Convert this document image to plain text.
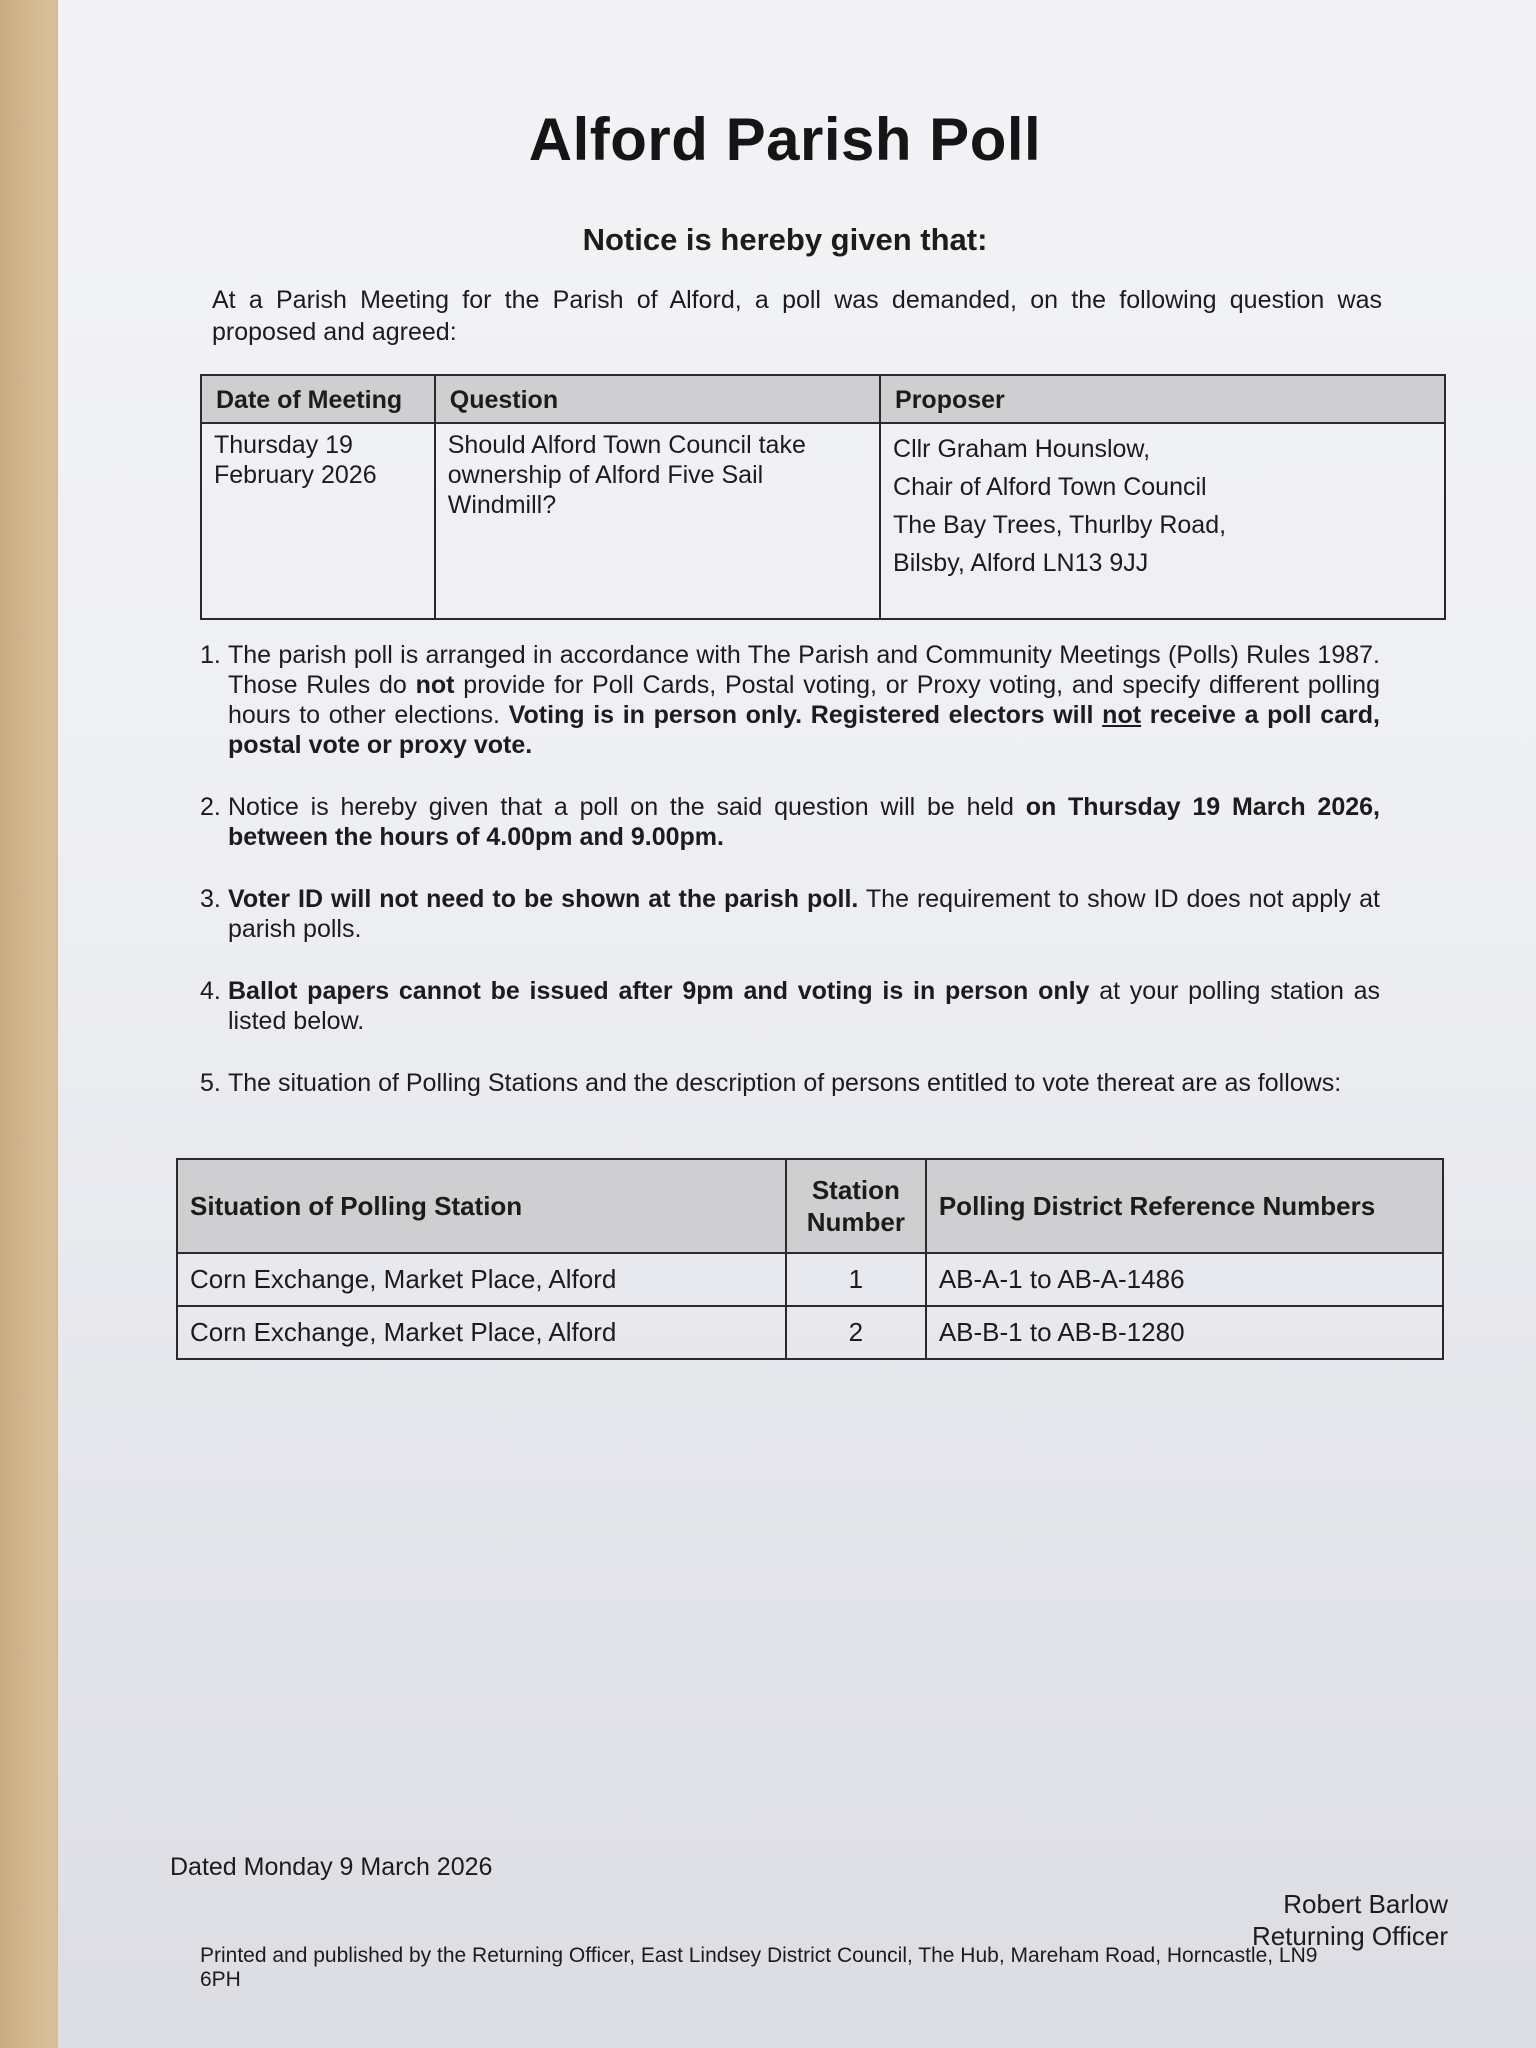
Alford Parish Poll
Notice is hereby given that:
At a Parish Meeting for the Parish of Alford, a poll was demanded, on the following question was proposed and agreed:
Date of Meeting	Question	Proposer
Thursday 19 February 2026	Should Alford Town Council take ownership of Alford Five Sail Windmill?	Cllr Graham Hounslow,
Chair of Alford Town Council
The Bay Trees, Thurlby Road,
Bilsby, Alford LN13 9JJ
1. The parish poll is arranged in accordance with The Parish and Community Meetings (Polls) Rules 1987. Those Rules do not provide for Poll Cards, Postal voting, or Proxy voting, and specify different polling hours to other elections. Voting is in person only. Registered electors will not receive a poll card, postal vote or proxy vote.
2. Notice is hereby given that a poll on the said question will be held on Thursday 19 March 2026, between the hours of 4.00pm and 9.00pm.
3. Voter ID will not need to be shown at the parish poll. The requirement to show ID does not apply at parish polls.
4. Ballot papers cannot be issued after 9pm and voting is in person only at your polling station as listed below.
5. The situation of Polling Stations and the description of persons entitled to vote thereat are as follows:
Situation of Polling Station	Station Number	Polling District Reference Numbers
Corn Exchange, Market Place, Alford	1	AB-A-1 to AB-A-1486
Corn Exchange, Market Place, Alford	2	AB-B-1 to AB-B-1280
Dated Monday 9 March 2026
Robert Barlow
Returning Officer
Printed and published by the Returning Officer, East Lindsey District Council, The Hub, Mareham Road, Horncastle, LN9 6PH
